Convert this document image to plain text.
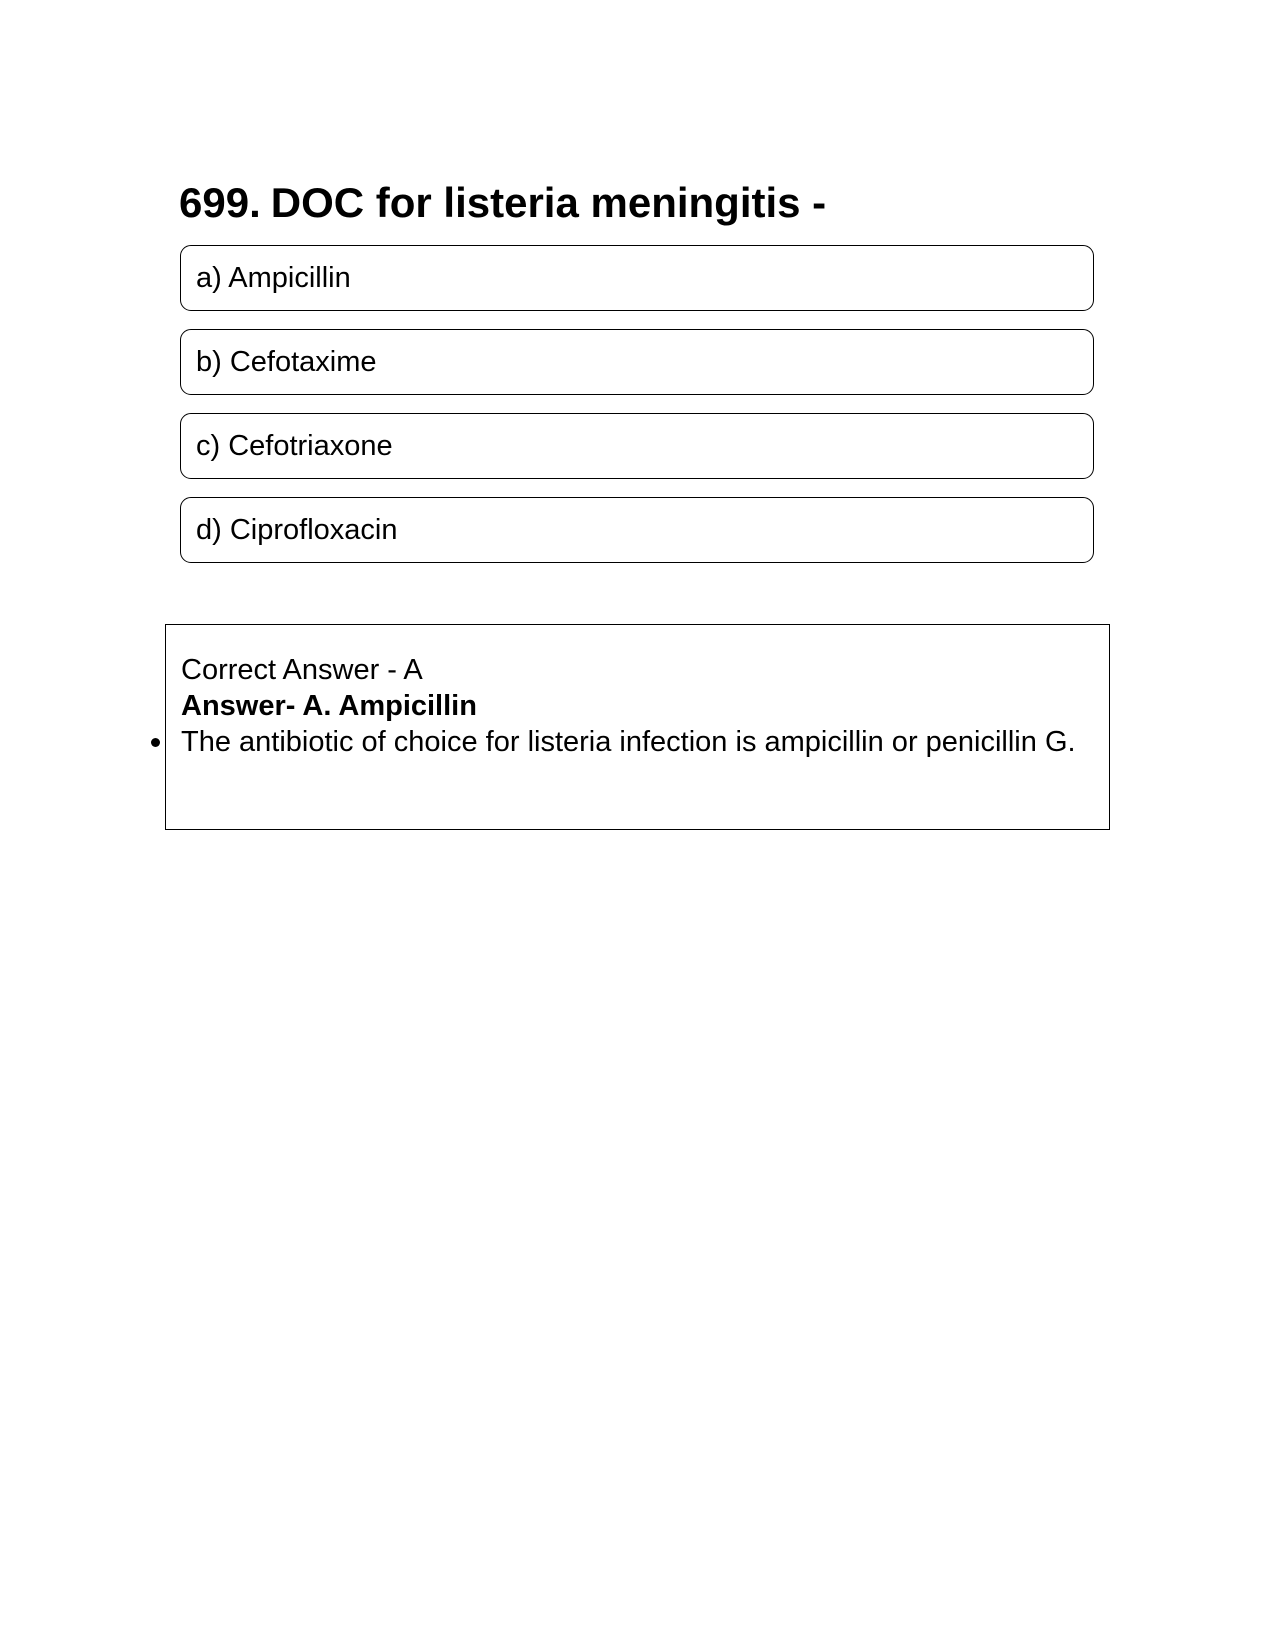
699. DOC for listeria meningitis -
a) Ampicillin
b) Cefotaxime
c) Cefotriaxone
d) Ciprofloxacin
Correct Answer - A
Answer- A. Ampicillin
The antibiotic of choice for listeria infection is ampicillin or penicillin G.
